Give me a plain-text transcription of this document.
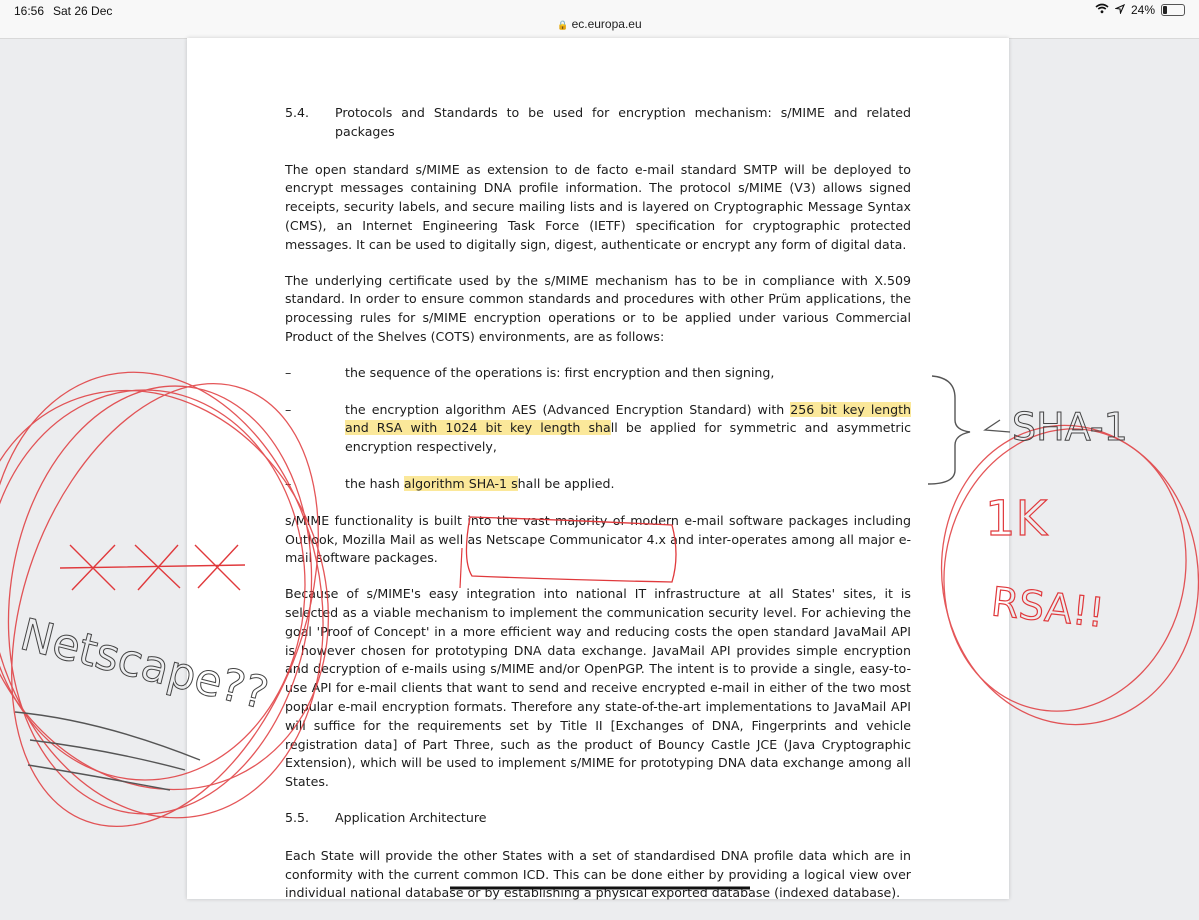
16:56 Sat 26 Dec	24%
🔒 ec.europa.eu
5.4.	Protocols and Standards to be used for encryption mechanism: s/MIME and related packages

The open standard s/MIME as extension to de facto e-mail standard SMTP will be deployed to encrypt messages containing DNA profile information. The protocol s/MIME (V3) allows signed receipts, security labels, and secure mailing lists and is layered on Cryptographic Message Syntax (CMS), an Internet Engineering Task Force (IETF) specification for cryptographic protected messages. It can be used to digitally sign, digest, authenticate or encrypt any form of digital data.

The underlying certificate used by the s/MIME mechanism has to be in compliance with X.509 standard. In order to ensure common standards and procedures with other Prüm applications, the processing rules for s/MIME encryption operations or to be applied under various Commercial Product of the Shelves (COTS) environments, are as follows:

–	the sequence of the operations is: first encryption and then signing,
–	the encryption algorithm AES (Advanced Encryption Standard) with 256 bit key length and RSA with 1024 bit key length shall be applied for symmetric and asymmetric encryption respectively,
–	the hash algorithm SHA-1 shall be applied.

s/MIME functionality is built into the vast majority of modern e-mail software packages including Outlook, Mozilla Mail as well as Netscape Communicator 4.x and inter-operates among all major e-mail software packages.

Because of s/MIME's easy integration into national IT infrastructure at all States' sites, it is selected as a viable mechanism to implement the communication security level. For achieving the goal 'Proof of Concept' in a more efficient way and reducing costs the open standard JavaMail API is however chosen for prototyping DNA data exchange. JavaMail API provides simple encryption and decryption of e-mails using s/MIME and/or OpenPGP. The intent is to provide a single, easy-to-use API for e-mail clients that want to send and receive encrypted e-mail in either of the two most popular e-mail encryption formats. Therefore any state-of-the-art implementations to JavaMail API will suffice for the requirements set by Title II [Exchanges of DNA, Fingerprints and vehicle registration data] of Part Three, such as the product of Bouncy Castle JCE (Java Cryptographic Extension), which will be used to implement s/MIME for prototyping DNA data exchange among all States.

5.5.	Application Architecture

Each State will provide the other States with a set of standardised DNA profile data which are in conformity with the current common ICD. This can be done either by providing a logical view over individual national database or by establishing a physical exported database (indexed database).

Netscape??
SHA-1
1K
RSA!!
